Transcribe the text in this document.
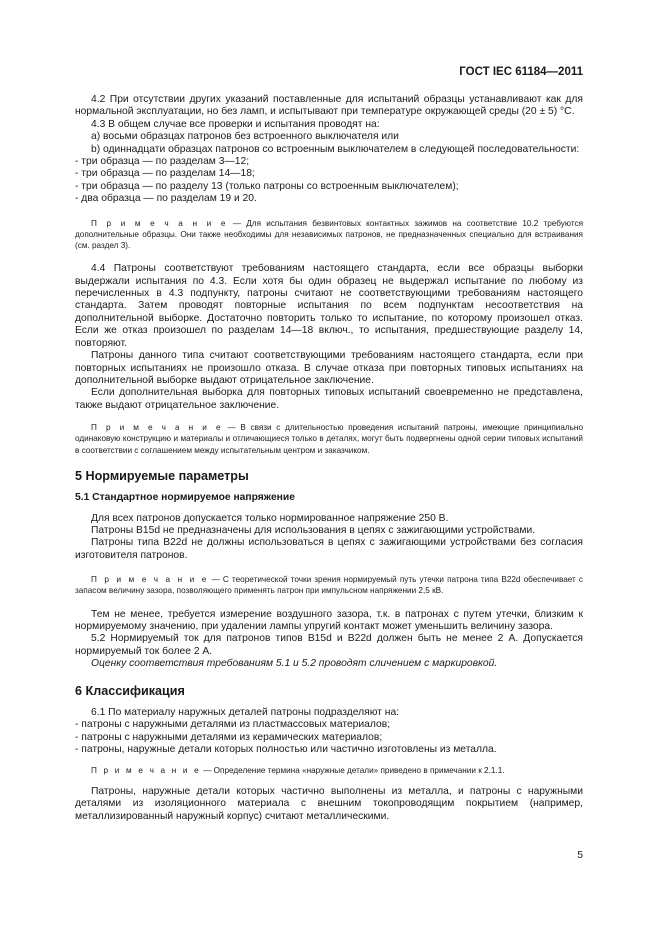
ГОСТ IEC 61184—2011

4.2 При отсутствии других указаний поставленные для испытаний образцы устанавливают как для нормальной эксплуатации, но без ламп, и испытывают при температуре окружающей среды (20 ± 5) °С.

4.3 В общем случае все проверки и испытания проводят на:

а) восьми образцах патронов без встроенного выключателя или

b) одиннадцати образцах патронов со встроенным выключателем в следующей последовательности:

- три образца — по разделам 3—12;

- три образца — по разделам 14—18;

- три образца — по разделу 13 (только патроны со встроенным выключателем);

- два образца — по разделам 19 и 20.

П р и м е ч а н и е — Для испытания безвинтовых контактных зажимов на соответствие 10.2 требуются дополнительные образцы. Они также необходимы для независимых патронов, не предназначенных специально для встраивания (см. раздел 3).

4.4 Патроны соответствуют требованиям настоящего стандарта, если все образцы выборки выдержали испытания по 4.3. Если хотя бы один образец не выдержал испытание по любому из перечисленных в 4.3 подпункту, патроны считают не соответствующими требованиям настоящего стандарта. Затем проводят повторные испытания по всем подпунктам несоответствия на дополнительной выборке. Достаточно повторить только то испытание, по которому произошел отказ. Если же отказ произошел по разделам 14—18 включ., то испытания, предшествующие разделу 14, повторяют.

Патроны данного типа считают соответствующими требованиям настоящего стандарта, если при повторных испытаниях не произошло отказа. В случае отказа при повторных типовых испытаниях на дополнительной выборке выдают отрицательное заключение.

Если дополнительная выборка для повторных типовых испытаний своевременно не представлена, также выдают отрицательное заключение.

П р и м е ч а н и е — В связи с длительностью проведения испытаний патроны, имеющие принципиально одинаковую конструкцию и материалы и отличающиеся только в деталях, могут быть подвергнены одной серии типовых испытаний в соответствии с соглашением между испытательным центром и заказчиком.

5 Нормируемые параметры
5.1 Стандартное нормируемое напряжение

Для всех патронов допускается только нормированное напряжение 250 В.

Патроны В15d не предназначены для использования в цепях с зажигающими устройствами.

Патроны типа В22d не должны использоваться в цепях с зажигающими устройствами без согласия изготовителя патронов.

П р и м е ч а н и е — С теоретической точки зрения нормируемый путь утечки патрона типа В22d обеспечивает с запасом величину зазора, позволяющего применять патрон при импульсном напряжении 2,5 кВ.

Тем не менее, требуется измерение воздушного зазора, т.к. в патронах с путем утечки, близким к нормируемому значению, при удалении лампы упругий контакт может уменьшить величину зазора.

5.2 Нормируемый ток для патронов типов В15d и В22d должен быть не менее 2 А. Допускается нормируемый ток более 2 А.

Оценку соответствия требованиям 5.1 и 5.2 проводят сличением с маркировкой.

6 Классификация

6.1 По материалу наружных деталей патроны подразделяют на:

- патроны с наружными деталями из пластмассовых материалов;

- патроны с наружными деталями из керамических материалов;

- патроны, наружные детали которых полностью или частично изготовлены из металла.

П р и м е ч а н и е — Определение термина «наружные детали» приведено в примечании к 2.1.1.

Патроны, наружные детали которых частично выполнены из металла, и патроны с наружными деталями из изоляционного материала с внешним токопроводящим покрытием (например, металлизированный наружный корпус) считают металлическими.

5
